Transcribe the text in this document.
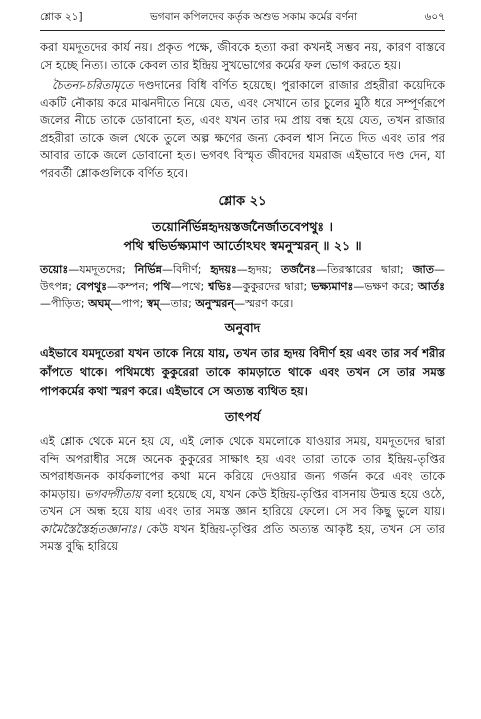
শ্লোক ২১]	ভগবান কপিলদেব কর্তৃক অশুভ সকাম কর্মের বর্ণনা	৬০৭

করা যমদূতদের কার্য নয়। প্রকৃত পক্ষে, জীবকে হত্যা করা কখনই সম্ভব নয়, কারণ বাস্তবে সে হচ্ছে নিত্য। তাকে কেবল তার ইন্দ্রিয় সুখভোগের কর্মের ফল ভোগ করতে হয়।

চৈতন্য-চরিতামৃতে দণ্ডদানের বিধি বর্ণিত হয়েছে। পুরাকালে রাজার প্রহরীরা কয়েদিকে একটি নৌকায় করে মাঝনদীতে নিয়ে যেত, এবং সেখানে তার চুলের মুঠি ধরে সম্পূর্ণরূপে জলের নীচে তাকে ডোবানো হত, এবং যখন তার দম প্রায় বন্ধ হয়ে যেত, তখন রাজার প্রহরীরা তাকে জল থেকে তুলে অল্প ক্ষণের জন্য কেবল শ্বাস নিতে দিত এবং তার পর আবার তাকে জলে ডোবানো হত। ভগবৎ বিস্মৃত জীবদের যমরাজ এইভাবে দণ্ড দেন, যা পরবর্তী শ্লোকগুলিকে বর্ণিত হবে।

শ্লোক ২১
তয়োর্নির্ভিন্নহৃদয়স্তর্জনৈর্জাতবেপথুঃ ।
পথি শ্বভির্ভক্ষ্যমাণ আর্তোঽঘং স্বমনুস্মরন্ ॥ ২১ ॥
তয়োঃ—যমদূতদের; নির্ভিন্ন—বিদীর্ণ; হৃদয়ঃ—হৃদয়; তর্জনৈঃ—তিরস্কারের দ্বারা; জাত—উৎপন্ন; বেপথুঃ—কম্পন; পথি—পথে; শ্বভিঃ—কুকুরদের দ্বারা; ভক্ষ্যমাণঃ—ভক্ষণ করে; আর্তঃ—পীড়িত; অঘম্—পাপ; স্বম্—তার; অনুস্মরন্—স্মরণ করে।
অনুবাদ
এইভাবে যমদূতেরা যখন তাকে নিয়ে যায়, তখন তার হৃদয় বিদীর্ণ হয় এবং তার সর্ব শরীর কাঁপতে থাকে। পথিমধ্যে কুকুরেরা তাকে কামড়াতে থাকে এবং তখন সে তার সমস্ত পাপকর্মের কথা স্মরণ করে। এইভাবে সে অত্যন্ত ব্যথিত হয়।
তাৎপর্য

এই শ্লোক থেকে মনে হয় যে, এই লোক থেকে যমলোকে যাওয়ার সময়, যমদূতদের দ্বারা বন্দি অপরাধীর সঙ্গে অনেক কুকুরের সাক্ষাৎ হয় এবং তারা তাকে তার ইন্দ্রিয়-তৃপ্তির অপরাধজনক কার্যকলাপের কথা মনে করিয়ে দেওয়ার জন্য গর্জন করে এবং তাকে কামড়ায়। ভগবদ্গীতায় বলা হয়েছে যে, যখন কেউ ইন্দ্রিয়-তৃপ্তির বাসনায় উন্মত্ত হয়ে ওঠে, তখন সে অন্ধ হয়ে যায় এবং তার সমস্ত জ্ঞান হারিয়ে ফেলে। সে সব কিছু ভুলে যায়। কামৈস্তৈস্তৈর্হৃতজ্ঞানাঃ। কেউ যখন ইন্দ্রিয়-তৃপ্তির প্রতি অত্যন্ত আকৃষ্ট হয়, তখন সে তার সমস্ত বুদ্ধি হারিয়ে
